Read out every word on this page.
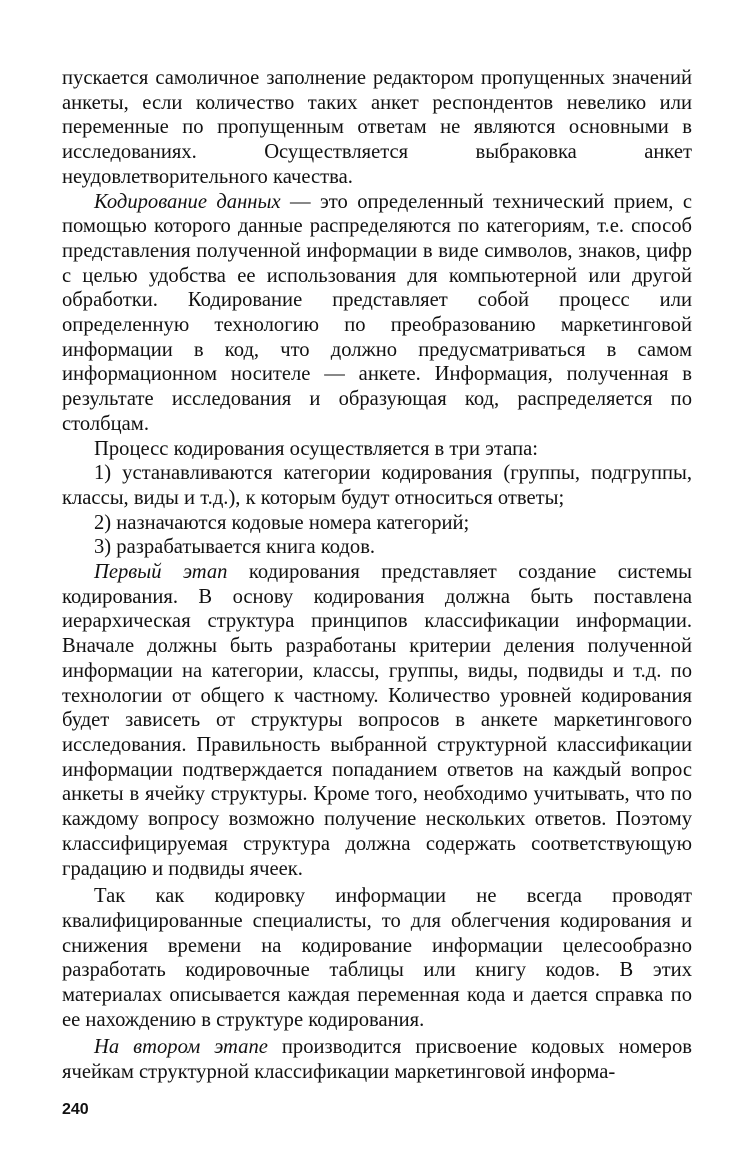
пускается самоличное заполнение редактором пропущенных значений анкеты, если количество таких анкет респондентов невелико или переменные по пропущенным ответам не являются основными в исследованиях. Осуществляется выбраковка анкет неудовлетворительного качества.

Кодирование данных — это определенный технический прием, с помощью которого данные распределяются по категориям, т.е. способ представления полученной информации в виде символов, знаков, цифр с целью удобства ее использования для компьютерной или другой обработки. Кодирование представляет собой процесс или определенную технологию по преобразованию маркетинговой информации в код, что должно предусматриваться в самом информационном носителе — анкете. Информация, полученная в результате исследования и образующая код, распределяется по столбцам.

Процесс кодирования осуществляется в три этапа:

1) устанавливаются категории кодирования (группы, подгруппы, классы, виды и т.д.), к которым будут относиться ответы;

2) назначаются кодовые номера категорий;

3) разрабатывается книга кодов.

Первый этап кодирования представляет создание системы кодирования. В основу кодирования должна быть поставлена иерархическая структура принципов классификации информации. Вначале должны быть разработаны критерии деления полученной информации на категории, классы, группы, виды, подвиды и т.д. по технологии от общего к частному. Количество уровней кодирования будет зависеть от структуры вопросов в анкете маркетингового исследования. Правильность выбранной структурной классификации информации подтверждается попаданием ответов на каждый вопрос анкеты в ячейку структуры. Кроме того, необходимо учитывать, что по каждому вопросу возможно получение нескольких ответов. Поэтому классифицируемая структура должна содержать соответствующую градацию и подвиды ячеек.

Так как кодировку информации не всегда проводят квалифицированные специалисты, то для облегчения кодирования и снижения времени на кодирование информации целесообразно разработать кодировочные таблицы или книгу кодов. В этих материалах описывается каждая переменная кода и дается справка по ее нахождению в структуре кодирования.

На втором этапе производится присвоение кодовых номеров ячейкам структурной классификации маркетинговой информа-

240
